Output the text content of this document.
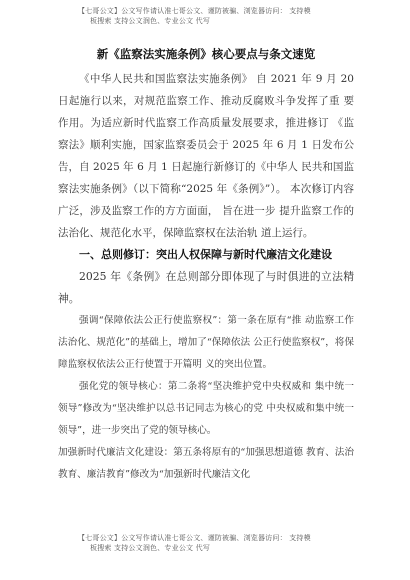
【七哥公文】公文写作请认准七哥公文、谨防被骗、浏览器访问： 支持模
板搜索 支持公文润色、专业公文 代写
新《监察法实施条例》核心要点与条文速览

《中华人民共和国监察法实施条例》 自 2021 年 9 月 20 日起施行以来，对规范监察工作、推动反腐败斗争发挥了重 要作用。为适应新时代监察工作高质量发展要求，推进修订 《监察法》顺利实施，国家监察委员会于 2025 年 6 月 1 日发布公告，自 2025 年 6 月 1 日起施行新修订的《中华人 民共和国监察法实施条例》（以下简称“2025 年《条例》”）。 本次修订内容广泛，涉及监察工作的方方面面， 旨在进一步 提升监察工作的法治化、规范化水平，保障监察权在法治轨 道上运行。

一、总则修订：突出人权保障与新时代廉洁文化建设

2025 年《条例》在总则部分即体现了与时俱进的立法精 神。

强调“保障依法公正行使监察权”：第一条在原有“推 动监察工作法治化、规范化”的基础上，增加了“保障依法 公正行使监察权”，将保障监察权依法公正行使置于开篇明 义的突出位置。

强化党的领导核心：第二条将“坚决维护党中央权威和 集中统一领导”修改为“坚决维护以总书记同志为核心的党 中央权威和集中统一领导”，进一步突出了党的领导核心。

加强新时代廉洁文化建设：第五条将原有的“加强思想道德 教育、法治教育、廉洁教育”修改为“加强新时代廉洁文化

【七哥公文】公文写作请认准七哥公文、谨防被骗、浏览器访问： 支持模
板搜索 支持公文润色、专业公文 代写
